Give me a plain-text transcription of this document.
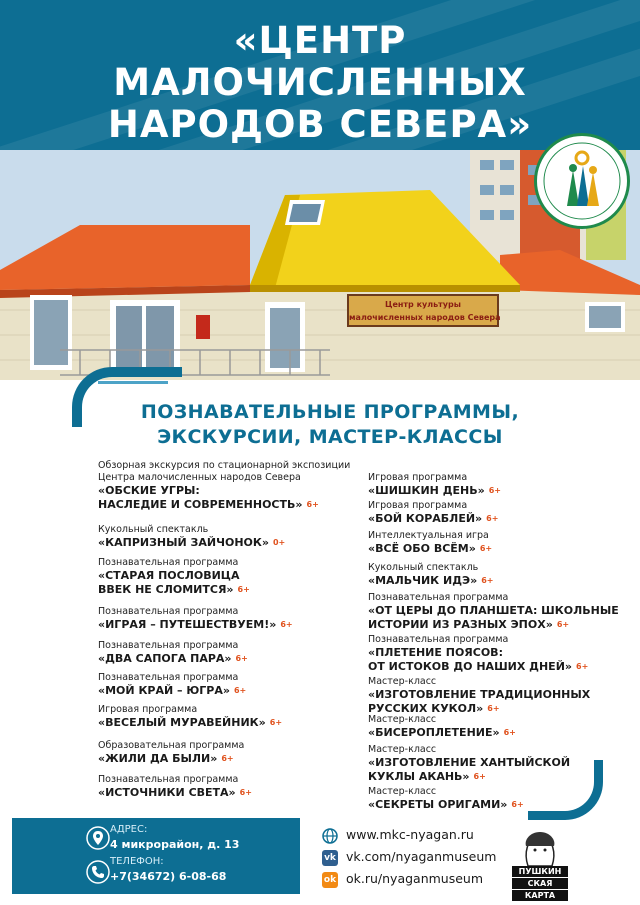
«ЦЕНТР
МАЛОЧИСЛЕННЫХ
НАРОДОВ СЕВЕРА»
Центр культуры
малочисленных народов Севера
ПОЗНАВАТЕЛЬНЫЕ ПРОГРАММЫ,
ЭКСКУРСИИ, МАСТЕР-КЛАССЫ
Обзорная экскурсия по стационарной экспозиции
Центра малочисленных народов Севера
«ОБСКИЕ УГРЫ:
НАСЛЕДИЕ И СОВРЕМЕННОСТЬ» 6+
Кукольный спектакль
«КАПРИЗНЫЙ ЗАЙЧОНОК» 0+
Познавательная программа
«СТАРАЯ ПОСЛОВИЦА
ВВЕК НЕ СЛОМИТСЯ» 6+
Познавательная программа
«ИГРАЯ – ПУТЕШЕСТВУЕМ!» 6+
Познавательная программа
«ДВА САПОГА ПАРА» 6+
Познавательная программа
«МОЙ КРАЙ – ЮГРА» 6+
Игровая программа
«ВЕСЕЛЫЙ МУРАВЕЙНИК» 6+
Образовательная программа
«ЖИЛИ ДА БЫЛИ» 6+
Познавательная программа
«ИСТОЧНИКИ СВЕТА» 6+
Игровая программа
«ШИШКИН ДЕНЬ» 6+
Игровая программа
«БОЙ КОРАБЛЕЙ» 6+
Интеллектуальная игра
«ВСЁ ОБО ВСЁМ» 6+
Кукольный спектакль
«МАЛЬЧИК ИДЭ» 6+
Познавательная программа
«ОТ ЦЕРЫ ДО ПЛАНШЕТА: ШКОЛЬНЫЕ
ИСТОРИИ ИЗ РАЗНЫХ ЭПОХ» 6+
Познавательная программа
«ПЛЕТЕНИЕ ПОЯСОВ:
ОТ ИСТОКОВ ДО НАШИХ ДНЕЙ» 6+
Мастер-класс
«ИЗГОТОВЛЕНИЕ ТРАДИЦИОННЫХ
РУССКИХ КУКОЛ» 6+
Мастер-класс
«БИСЕРОПЛЕТЕНИЕ» 6+
Мастер-класс
«ИЗГОТОВЛЕНИЕ ХАНТЫЙСКОЙ
КУКЛЫ АКАНЬ» 6+
Мастер-класс
«СЕКРЕТЫ ОРИГАМИ» 6+
АДРЕС:
4 микрорайон, д. 13
ТЕЛЕФОН:
+7(34672) 6-08-68
www.mkc-nyagan.ru
vk vk.com/nyaganmuseum
ok ok.ru/nyaganmuseum	ПУШКИН
СКАЯ
КАРТА
